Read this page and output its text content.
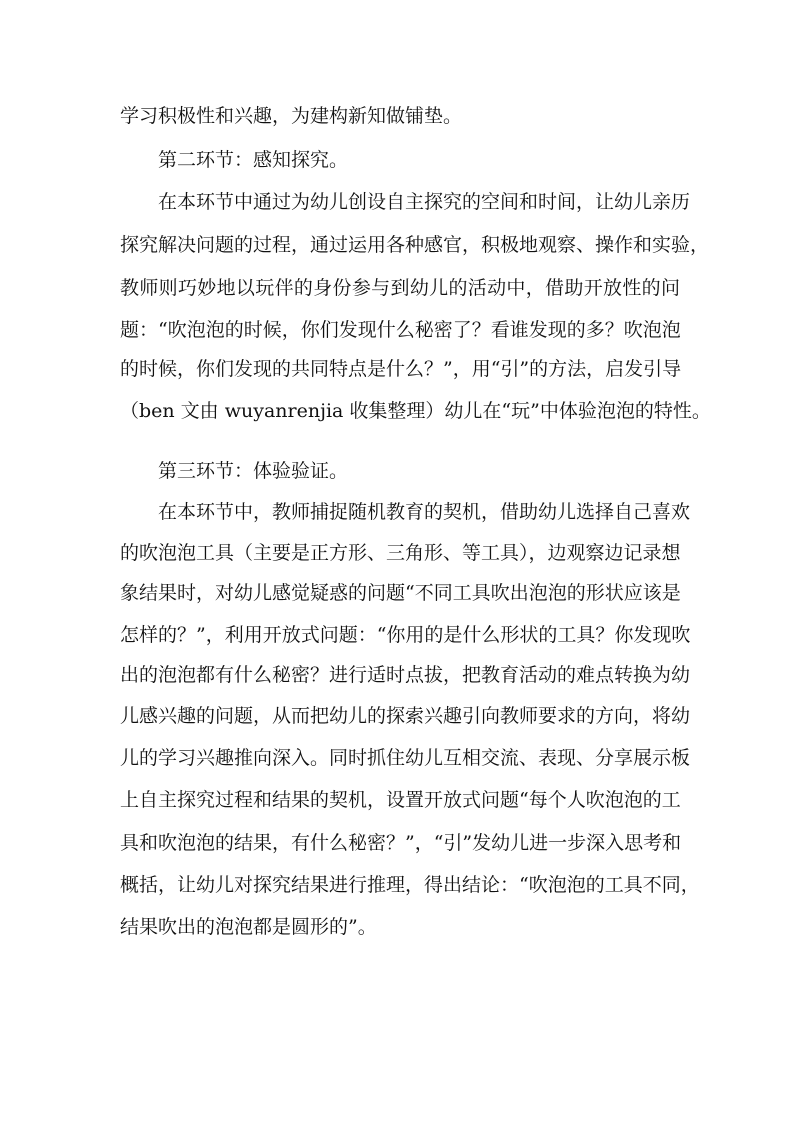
学习积极性和兴趣，为建构新知做铺垫。
第二环节：感知探究。
在本环节中通过为幼儿创设自主探究的空间和时间，让幼儿亲历
探究解决问题的过程，通过运用各种感官，积极地观察、操作和实验，
教师则巧妙地以玩伴的身份参与到幼儿的活动中，借助开放性的问
题：“吹泡泡的时候，你们发现什么秘密了？看谁发现的多？吹泡泡
的时候，你们发现的共同特点是什么？”，用“引”的方法，启发引导
（ben 文由 wuyanrenjia 收集整理）幼儿在“玩”中体验泡泡的特性。
第三环节：体验验证。
在本环节中，教师捕捉随机教育的契机，借助幼儿选择自己喜欢
的吹泡泡工具（主要是正方形、三角形、等工具），边观察边记录想
象结果时，对幼儿感觉疑惑的问题“不同工具吹出泡泡的形状应该是
怎样的？”，利用开放式问题：“你用的是什么形状的工具？你发现吹
出的泡泡都有什么秘密？进行适时点拔，把教育活动的难点转换为幼
儿感兴趣的问题，从而把幼儿的探索兴趣引向教师要求的方向，将幼
儿的学习兴趣推向深入。同时抓住幼儿互相交流、表现、分享展示板
上自主探究过程和结果的契机，设置开放式问题“每个人吹泡泡的工
具和吹泡泡的结果，有什么秘密？”，“引”发幼儿进一步深入思考和
概括，让幼儿对探究结果进行推理，得出结论：“吹泡泡的工具不同，
结果吹出的泡泡都是圆形的”。
